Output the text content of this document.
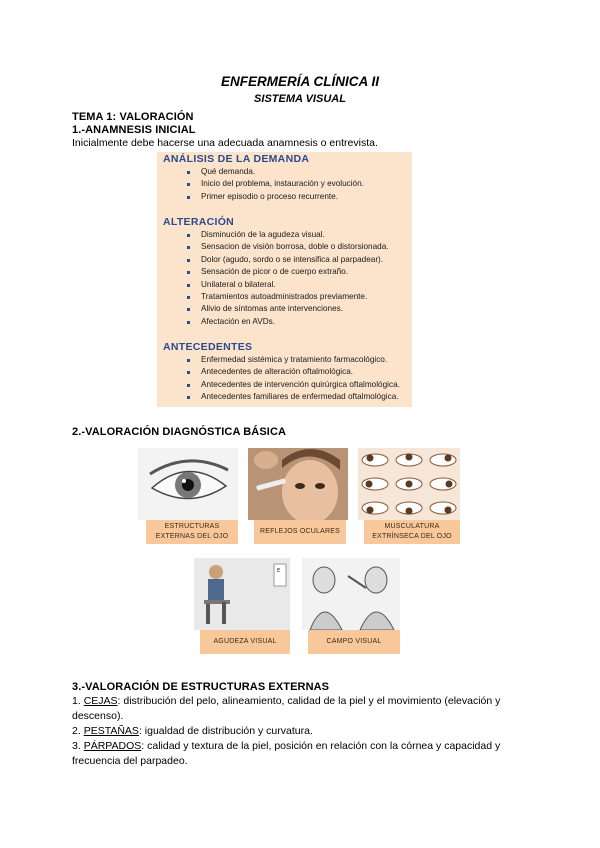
ENFERMERÍA CLÍNICA II
SISTEMA VISUAL
TEMA 1: VALORACIÓN
1.-ANAMNESIS INICIAL
Inicialmente debe hacerse una adecuada anamnesis o entrevista.
ANÁLISIS DE LA DEMANDA
Qué demanda.
Inicio del problema, instauración y evolución.
Primer episodio o proceso recurrente.
ALTERACIÓN
Disminución de la agudeza visual.
Sensacion de visión borrosa, doble o distorsionada.
Dolor (agudo, sordo o se intensifica al parpadear).
Sensación de picor o de cuerpo extraño.
Unilateral o bilateral.
Tratamientos autoadministrados previamente.
Alivio de síntomas ante intervenciones.
Afectación en AVDs.
ANTECEDENTES
Enfermedad sistémica y tratamiento farmacológico.
Antecedentes de alteración oftalmológica.
Antecedentes de intervención quirúrgica oftalmológica.
Antecedentes familiares de enfermedad oftalmológica.
2.-VALORACIÓN DIAGNÓSTICA BÁSICA
ESTRUCTURAS EXTERNAS DEL OJO
REFLEJOS OCULARES
MUSCULATURA EXTRÍNSECA DEL OJO
E
AGUDEZA VISUAL	CAMPO VISUAL
3.-VALORACIÓN DE ESTRUCTURAS EXTERNAS
1. CEJAS: distribución del pelo, alineamiento, calidad de la piel y el movimiento (elevación y descenso).
2. PESTAÑAS: igualdad de distribución y curvatura.
3. PÁRPADOS: calidad y textura de la piel, posición en relación con la córnea y capacidad y frecuencia del parpadeo.
